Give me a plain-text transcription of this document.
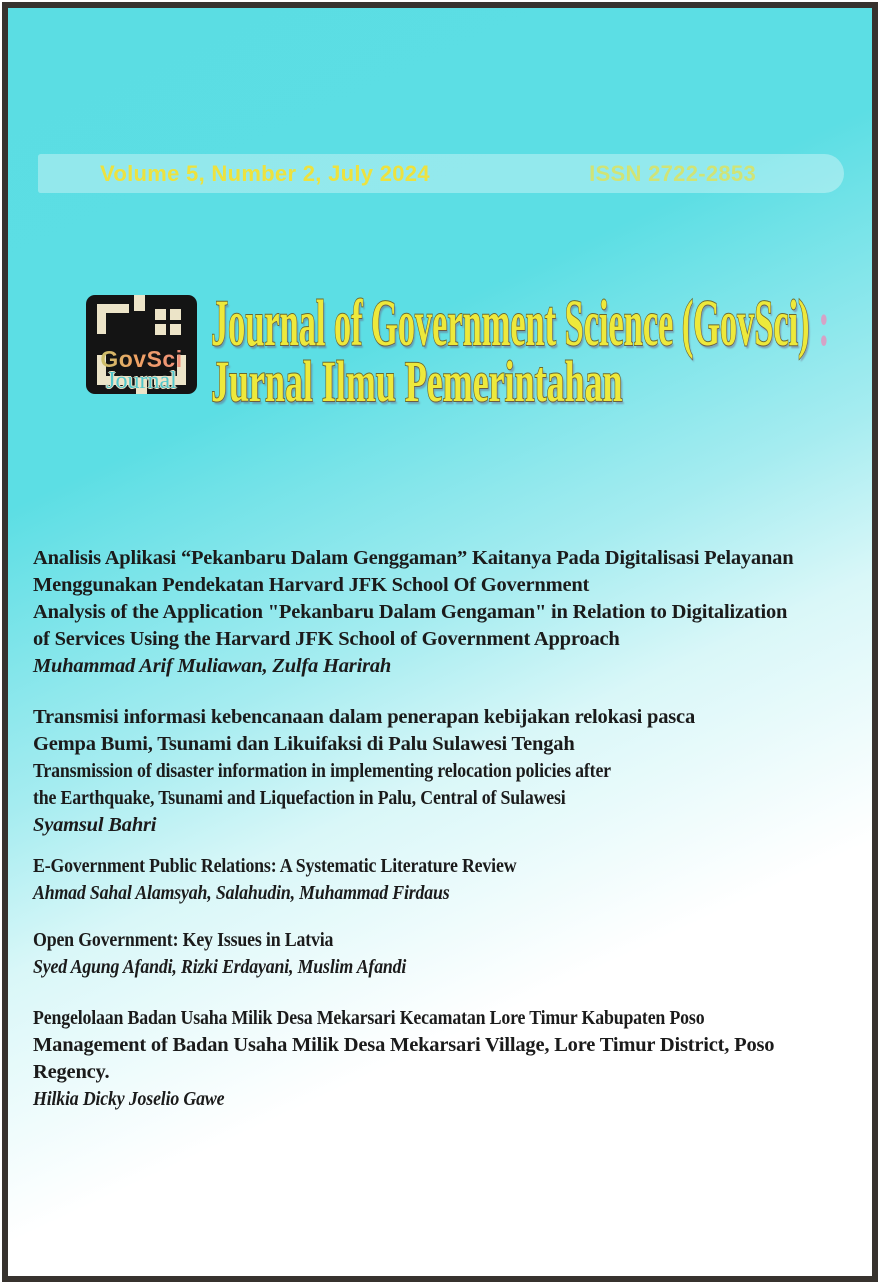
Volume 5, Number 2, July 2024	ISSN 2722-2853
GovSci
Journal
Journal of Government Science (GovSci) :
Jurnal Ilmu Pemerintahan
Analisis Aplikasi “Pekanbaru Dalam Genggaman” Kaitanya Pada Digitalisasi Pelayanan
Menggunakan Pendekatan Harvard JFK School Of Government
Analysis of the Application "Pekanbaru Dalam Gengaman" in Relation to Digitalization
of Services Using the Harvard JFK School of Government Approach
Muhammad Arif Muliawan, Zulfa Harirah
Transmisi informasi kebencanaan dalam penerapan kebijakan relokasi pasca
Gempa Bumi, Tsunami dan Likuifaksi di Palu Sulawesi Tengah
Transmission of disaster information in implementing relocation policies after
the Earthquake, Tsunami and Liquefaction in Palu, Central of Sulawesi
Syamsul Bahri
E-Government Public Relations: A Systematic Literature Review
Ahmad Sahal Alamsyah, Salahudin, Muhammad Firdaus
Open Government: Key Issues in Latvia
Syed Agung Afandi, Rizki Erdayani, Muslim Afandi
Pengelolaan Badan Usaha Milik Desa Mekarsari Kecamatan Lore Timur Kabupaten Poso
Management of Badan Usaha Milik Desa Mekarsari Village, Lore Timur District, Poso
Regency.
Hilkia Dicky Joselio Gawe
